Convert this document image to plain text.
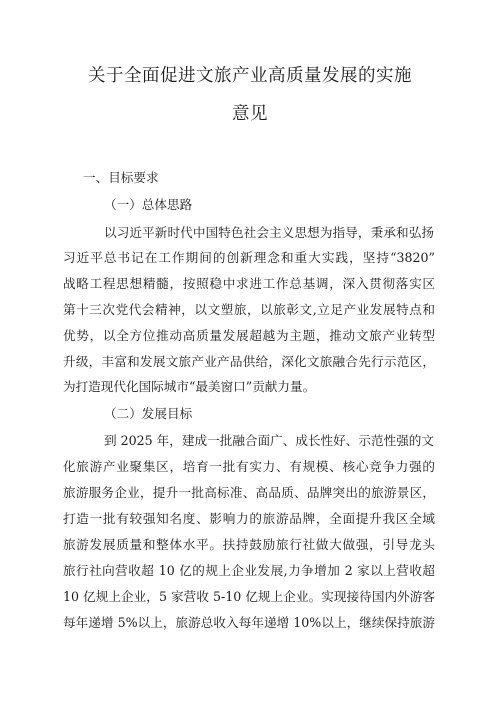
关于全面促进文旅产业高质量发展的实施
意见
一、目标要求
（一）总体思路
以习近平新时代中国特色社会主义思想为指导，秉承和弘扬
习近平总书记在工作期间的创新理念和重大实践，坚持“3820”
战略工程思想精髓，按照稳中求进工作总基调，深入贯彻落实区
第十三次党代会精神，以文塑旅，以旅彰文,立足产业发展特点和
优势，以全方位推动高质量发展超越为主题，推动文旅产业转型
升级，丰富和发展文旅产业产品供给，深化文旅融合先行示范区，
为打造现代化国际城市“最美窗口”贡献力量。
（二）发展目标
到 2025 年，建成一批融合面广、成长性好、示范性强的文
化旅游产业聚集区，培育一批有实力、有规模、核心竞争力强的
旅游服务企业，提升一批高标准、高品质、品牌突出的旅游景区，
打造一批有较强知名度、影响力的旅游品牌，全面提升我区全域
旅游发展质量和整体水平。扶持鼓励旅行社做大做强，引导龙头
旅行社向营收超 10 亿的规上企业发展,力争增加 2 家以上营收超
10 亿规上企业，5 家营收 5-10 亿规上企业。实现接待国内外游客
每年递增 5%以上，旅游总收入每年递增 10%以上，继续保持旅游
